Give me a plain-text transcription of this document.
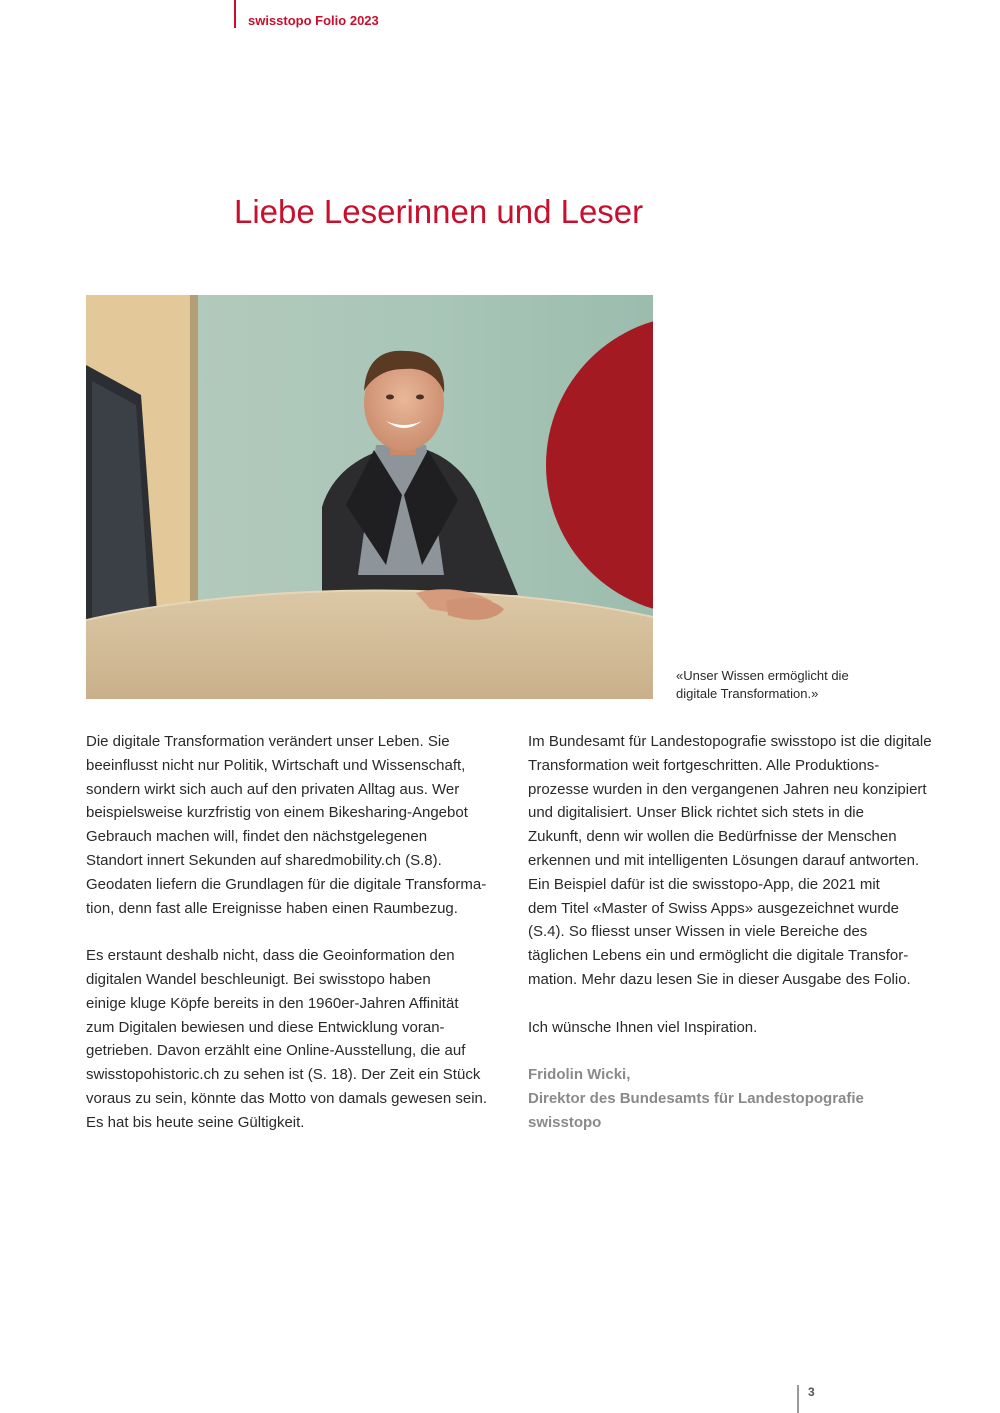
swisstopo Folio 2023
Liebe Leserinnen und Leser
«Unser Wissen ermöglicht die
digitale Transformation.»
Die digitale Transformation verändert unser Leben. Sie
beeinflusst nicht nur Politik, Wirtschaft und Wissenschaft,
sondern wirkt sich auch auf den privaten Alltag aus. Wer
beispielsweise kurzfristig von einem Bikesharing-Angebot
Gebrauch machen will, findet den nächstgelegenen
Standort innert Sekunden auf sharedmobility.ch (S.8).
Geodaten liefern die Grundlagen für die digitale Transforma-
tion, denn fast alle Ereignisse haben einen Raumbezug.
Es erstaunt deshalb nicht, dass die Geoinformation den
digitalen Wandel beschleunigt. Bei swisstopo haben
einige kluge Köpfe bereits in den 1960er-Jahren Affinität
zum Digitalen bewiesen und diese Entwicklung voran-
getrieben. Davon erzählt eine Online-Ausstellung, die auf
swisstopohistoric.ch zu sehen ist (S. 18). Der Zeit ein Stück
voraus zu sein, könnte das Motto von damals gewesen sein.
Es hat bis heute seine Gültigkeit.
Im Bundesamt für Landestopografie swisstopo ist die digitale
Transformation weit fortgeschritten. Alle Produktions-
prozesse wurden in den vergangenen Jahren neu konzipiert
und digitalisiert. Unser Blick richtet sich stets in die
Zukunft, denn wir wollen die Bedürfnisse der Menschen
erkennen und mit intelligenten Lösungen darauf antworten.
Ein Beispiel dafür ist die swisstopo-App, die 2021 mit
dem Titel «Master of Swiss Apps» ausgezeichnet wurde
(S.4). So fliesst unser Wissen in viele Bereiche des
täglichen Lebens ein und ermöglicht die digitale Transfor-
mation. Mehr dazu lesen Sie in dieser Ausgabe des Folio.
Ich wünsche Ihnen viel Inspiration.
Fridolin Wicki,
Direktor des Bundesamts für Landestopografie
swisstopo
3
